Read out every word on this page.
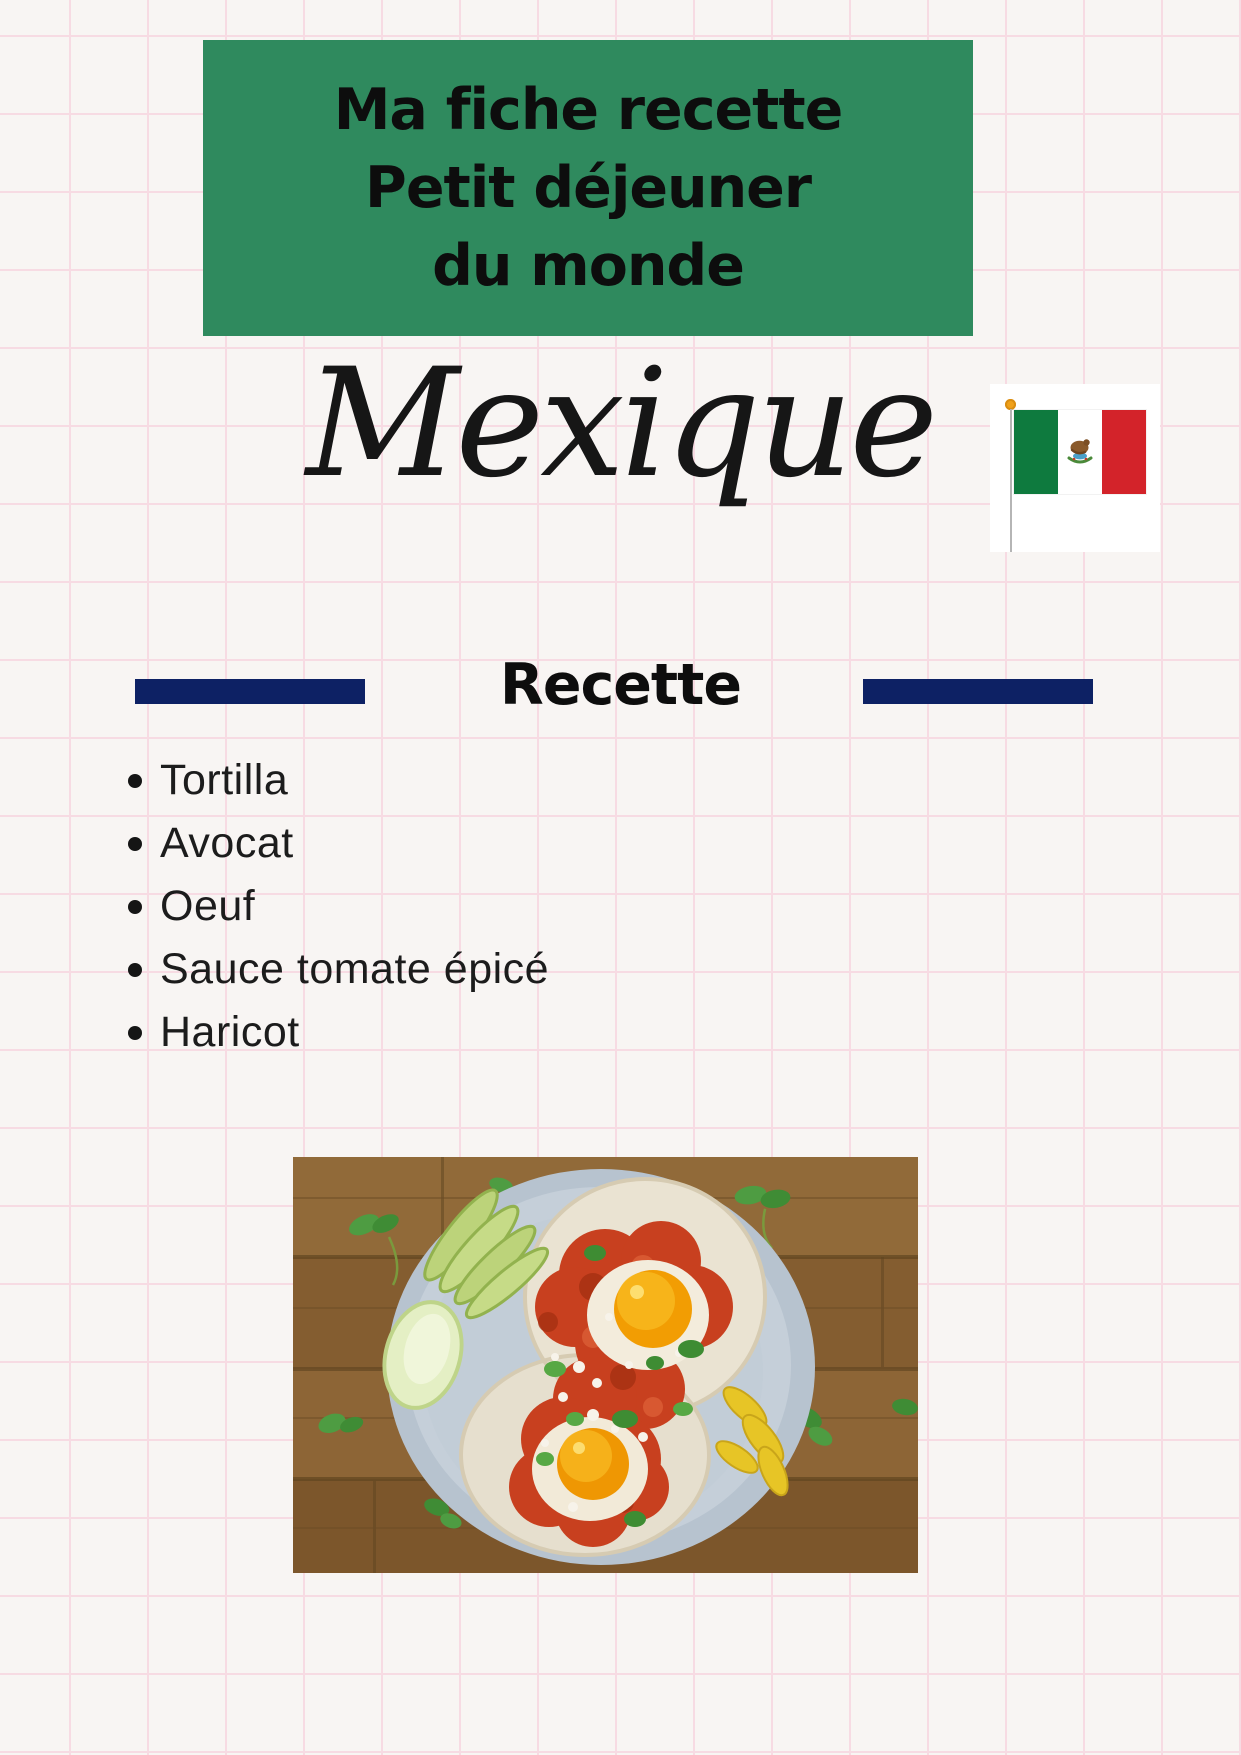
Ma fiche recette
Petit déjeuner
du monde
Mexique
Recette
Tortilla
Avocat
Oeuf
Sauce tomate épicé
Haricot
